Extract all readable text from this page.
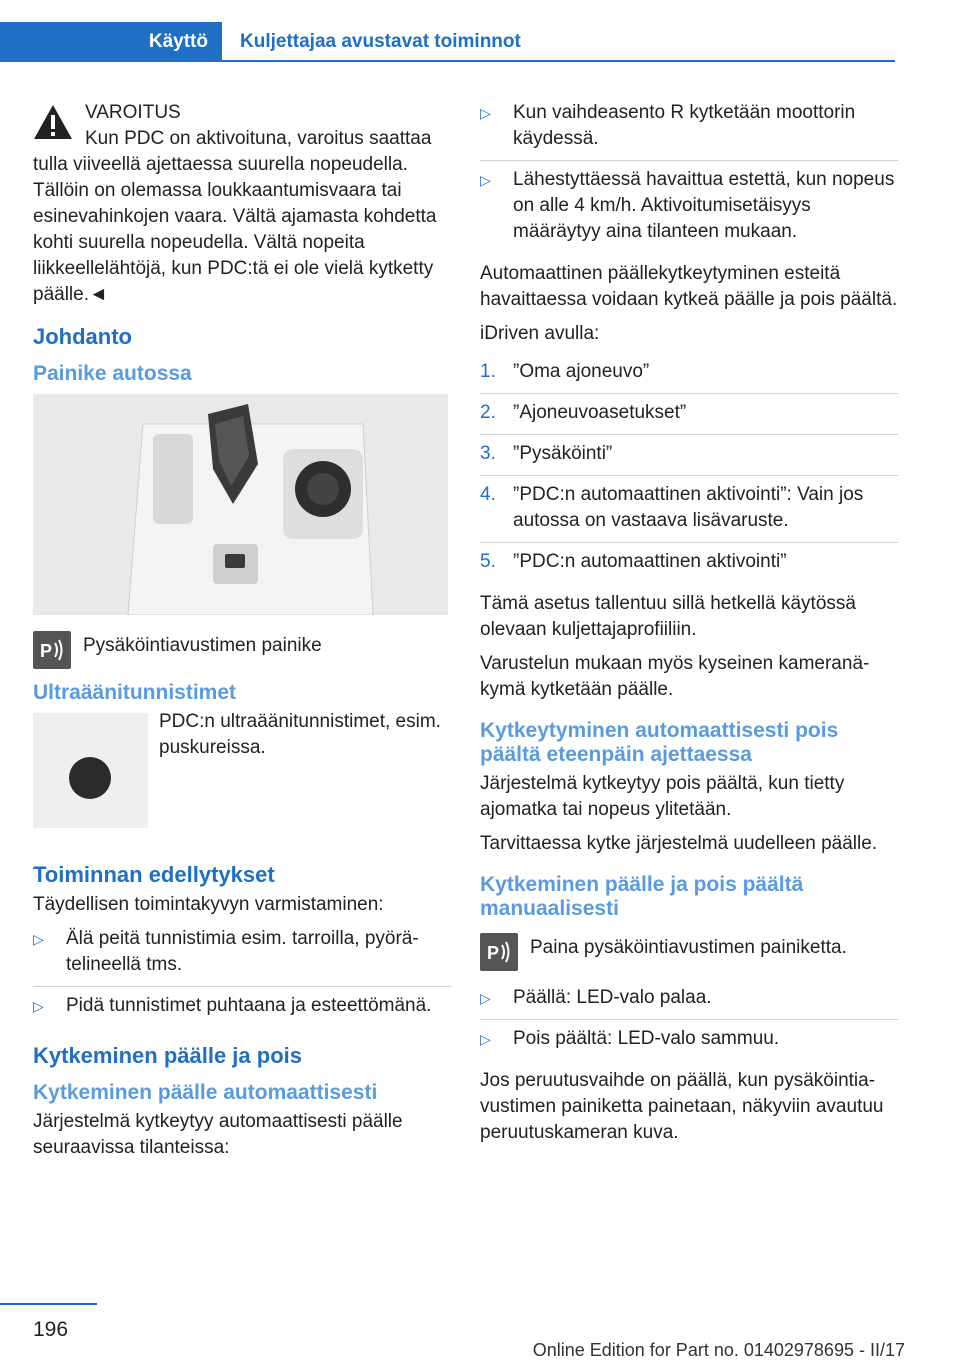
Käyttö	Kuljettajaa avustavat toiminnot
VAROITUS
Kun PDC on aktivoituna, varoitus saattaa tulla viiveellä ajettaessa suurella nopeudella. Tällöin on olemassa loukkaantumisvaara tai esinevahinkojen vaara. Vältä ajamasta kohdetta kohti suurella nopeudella. Vältä nopeita liikkeellelähtöjä, kun PDC:tä ei ole vielä kytketty päälle.◄
Johdanto
Painike autossa
P	Pysäköintiavustimen painike
Ultraäänitunnistimet
PDC:n ultraäänitunnistimet, esim. puskureissa.
Toiminnan edellytykset

Täydellisen toimintakyvyn varmistaminen:

▷ Älä peitä tunnistimia esim. tarroilla, pyörätelineellä tms.
▷ Pidä tunnistimet puhtaana ja esteettömänä.
Kytkeminen päälle ja pois
Kytkeminen päälle automaattisesti

Järjestelmä kytkeytyy automaattisesti päälle seuraavissa tilanteissa:

▷ Kun vaihdeasento R kytketään moottorin käydessä.
▷ Lähestyttäessä havaittua estettä, kun nopeus on alle 4 km/h. Aktivoitumisetäisyys määräytyy aina tilanteen mukaan.

Automaattinen päällekytkeytyminen esteitä havaittaessa voidaan kytkeä päälle ja pois päältä.

iDriven avulla:

1. ”Oma ajoneuvo”
2. ”Ajoneuvoasetukset”
3. ”Pysäköinti”
4. ”PDC:n automaattinen aktivointi”: Vain jos autossa on vastaava lisävaruste.
5. ”PDC:n automaattinen aktivointi”

Tämä asetus tallentuu sillä hetkellä käytössä olevaan kuljettajaprofiiliin.

Varustelun mukaan myös kyseinen kameranäkymä kytketään päälle.

Kytkeytyminen automaattisesti pois päältä eteenpäin ajettaessa

Järjestelmä kytkeytyy pois päältä, kun tietty ajomatka tai nopeus ylitetään.

Tarvittaessa kytke järjestelmä uudelleen päälle.

Kytkeminen päälle ja pois päältä manuaalisesti
P	Paina pysäköintiavustimen painiketta.
▷ Päällä: LED-valo palaa.
▷ Pois päältä: LED-valo sammuu.

Jos peruutusvaihde on päällä, kun pysäköintiavustimen painiketta painetaan, näkyviin avautuu peruutuskameran kuva.

196
Online Edition for Part no. 01402978695 - II/17
